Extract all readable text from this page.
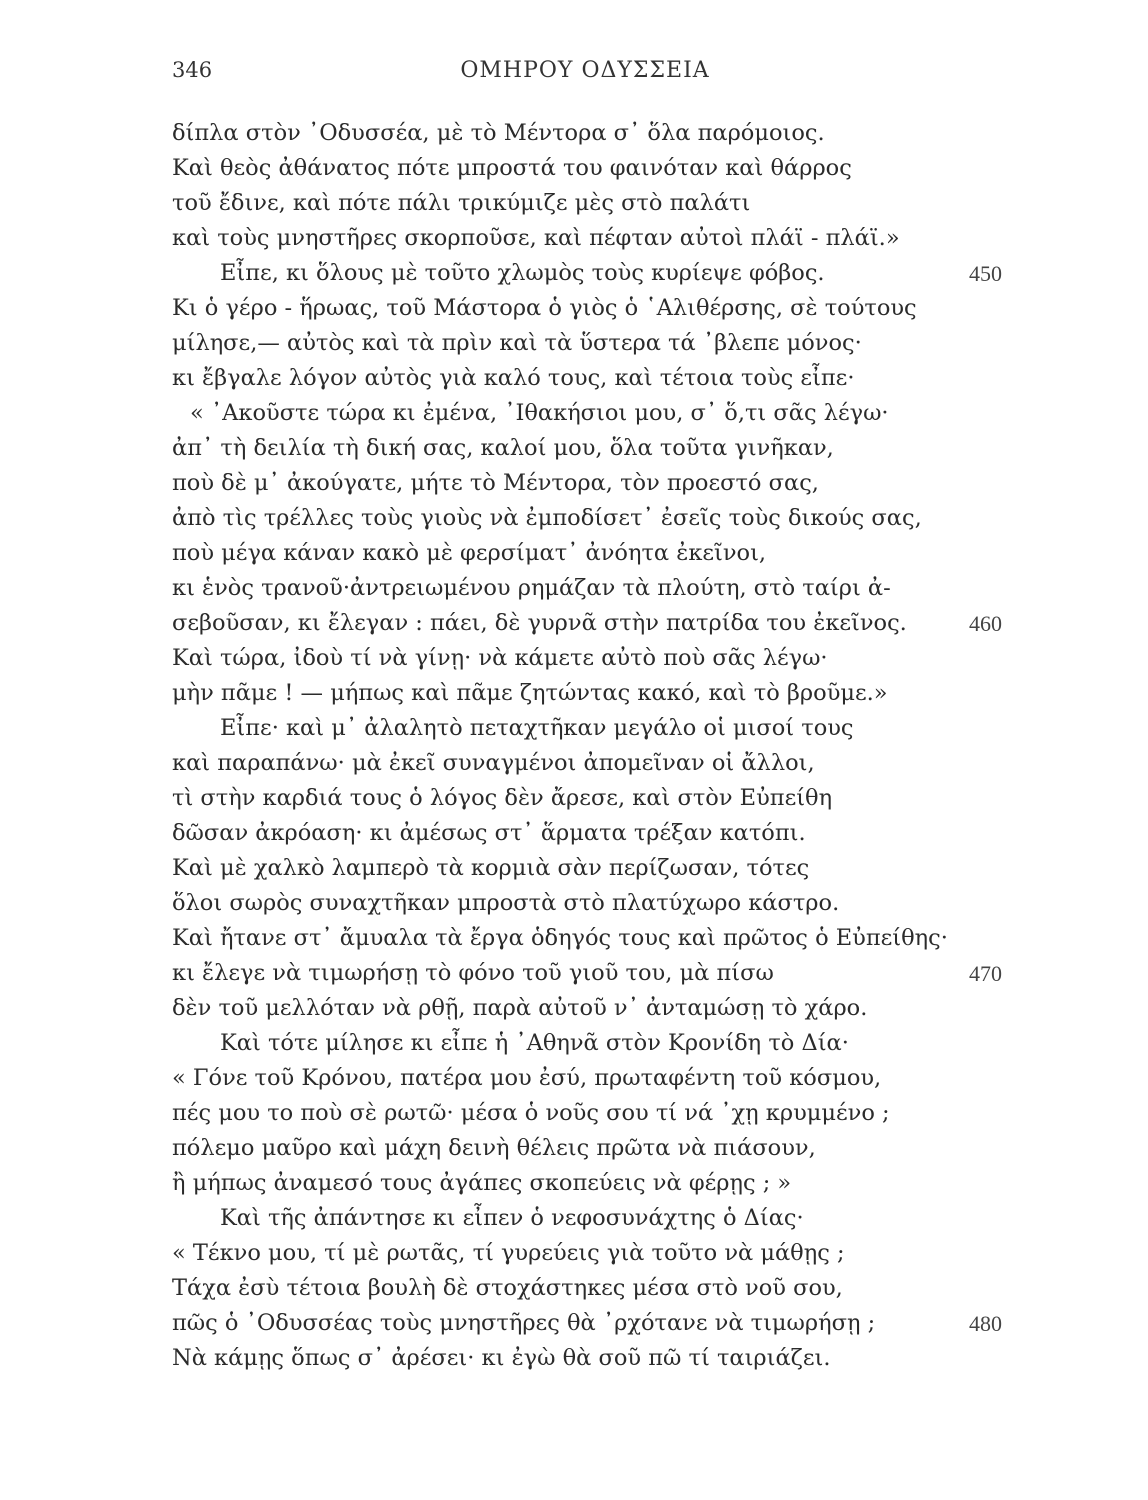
346	ΟΜΗΡΟΥ ΟΔΥΣΣΕΙΑ
δίπλα στὸν ᾿Οδυσσέα, μὲ τὸ Μέντορα σ᾿ ὅλα παρόμοιος.
Καὶ θεὸς ἀθάνατος πότε μπροστά του φαινόταν καὶ θάρρος
τοῦ ἔδινε, καὶ πότε πάλι τρικύμιζε μὲς στὸ παλάτι
καὶ τοὺς μνηστῆρες σκορποῦσε, καὶ πέφταν αὐτοὶ πλάϊ - πλάϊ.»
Εἶπε, κι ὅλους μὲ τοῦτο χλωμὸς τοὺς κυρίεψε φόβος.	450
Κι ὁ γέρο - ἥρωας, τοῦ Μάστορα ὁ γιὸς ὁ ῾Αλιθέρσης, σὲ τούτους
μίλησε,— αὐτὸς καὶ τὰ πρὶν καὶ τὰ ὕστερα τά ᾿βλεπε μόνος·
κι ἔβγαλε λόγον αὐτὸς γιὰ καλό τους, καὶ τέτοια τοὺς εἶπε·
« ᾿Ακοῦστε τώρα κι ἐμένα, ᾿Ιθακήσιοι μου, σ᾿ ὅ,τι σᾶς λέγω·
ἀπ᾿ τὴ δειλία τὴ δική σας, καλοί μου, ὅλα τοῦτα γινῆκαν,
ποὺ δὲ μ᾿ ἀκούγατε, μήτε τὸ Μέντορα, τὸν προεστό σας,
ἀπὸ τὶς τρέλλες τοὺς γιοὺς νὰ ἐμποδίσετ᾿ ἐσεῖς τοὺς δικούς σας,
ποὺ μέγα κάναν κακὸ μὲ φερσίματ᾿ ἀνόητα ἐκεῖνοι,
κι ἑνὸς τρανοῦ·ἀντρειωμένου ρημάζαν τὰ πλούτη, στὸ ταίρι ἀ-
σεβοῦσαν, κι ἔλεγαν : πάει, δὲ γυρνᾶ στὴν πατρίδα του ἐκεῖνος.	460
Καὶ τώρα, ἰδοὺ τί νὰ γίνῃ· νὰ κάμετε αὐτὸ ποὺ σᾶς λέγω·
μὴν πᾶμε ! — μήπως καὶ πᾶμε ζητώντας κακό, καὶ τὸ βροῦμε.»
Εἶπε· καὶ μ᾿ ἀλαλητὸ πεταχτῆκαν μεγάλο οἱ μισοί τους
καὶ παραπάνω· μὰ ἐκεῖ συναγμένοι ἀπομεῖναν οἱ ἄλλοι,
τὶ στὴν καρδιά τους ὁ λόγος δὲν ἄρεσε, καὶ στὸν Εὐπείθη
δῶσαν ἀκρόαση· κι ἀμέσως στ᾿ ἅρματα τρέξαν κατόπι.
Καὶ μὲ χαλκὸ λαμπερὸ τὰ κορμιὰ σὰν περίζωσαν, τότες
ὅλοι σωρὸς συναχτῆκαν μπροστὰ στὸ πλατύχωρο κάστρο.
Καὶ ἤτανε στ᾿ ἄμυαλα τὰ ἔργα ὁδηγός τους καὶ πρῶτος ὁ Εὐπείθης·
κι ἔλεγε νὰ τιμωρήσῃ τὸ φόνο τοῦ γιοῦ του, μὰ πίσω	470
δὲν τοῦ μελλόταν νὰ ρθῇ, παρὰ αὐτοῦ ν᾿ ἀνταμώσῃ τὸ χάρο.
Καὶ τότε μίλησε κι εἶπε ἡ ᾿Αθηνᾶ στὸν Κρονίδη τὸ Δία·
« Γόνε τοῦ Κρόνου, πατέρα μου ἐσύ, πρωταφέντη τοῦ κόσμου,
πές μου το ποὺ σὲ ρωτῶ· μέσα ὁ νοῦς σου τί νά ᾿χῃ κρυμμένο ;
πόλεμο μαῦρο καὶ μάχη δεινὴ θέλεις πρῶτα νὰ πιάσουν,
ἢ μήπως ἀναμεσό τους ἀγάπες σκοπεύεις νὰ φέρῃς ; »
Καὶ τῆς ἀπάντησε κι εἶπεν ὁ νεφοσυνάχτης ὁ Δίας·
« Τέκνο μου, τί μὲ ρωτᾶς, τί γυρεύεις γιὰ τοῦτο νὰ μάθῃς ;
Τάχα ἐσὺ τέτοια βουλὴ δὲ στοχάστηκες μέσα στὸ νοῦ σου,
πῶς ὁ ᾿Οδυσσέας τοὺς μνηστῆρες θὰ ᾿ρχότανε νὰ τιμωρήσῃ ;	480
Νὰ κάμῃς ὅπως σ᾿ ἀρέσει· κι ἐγὼ θὰ σοῦ πῶ τί ταιριάζει.
